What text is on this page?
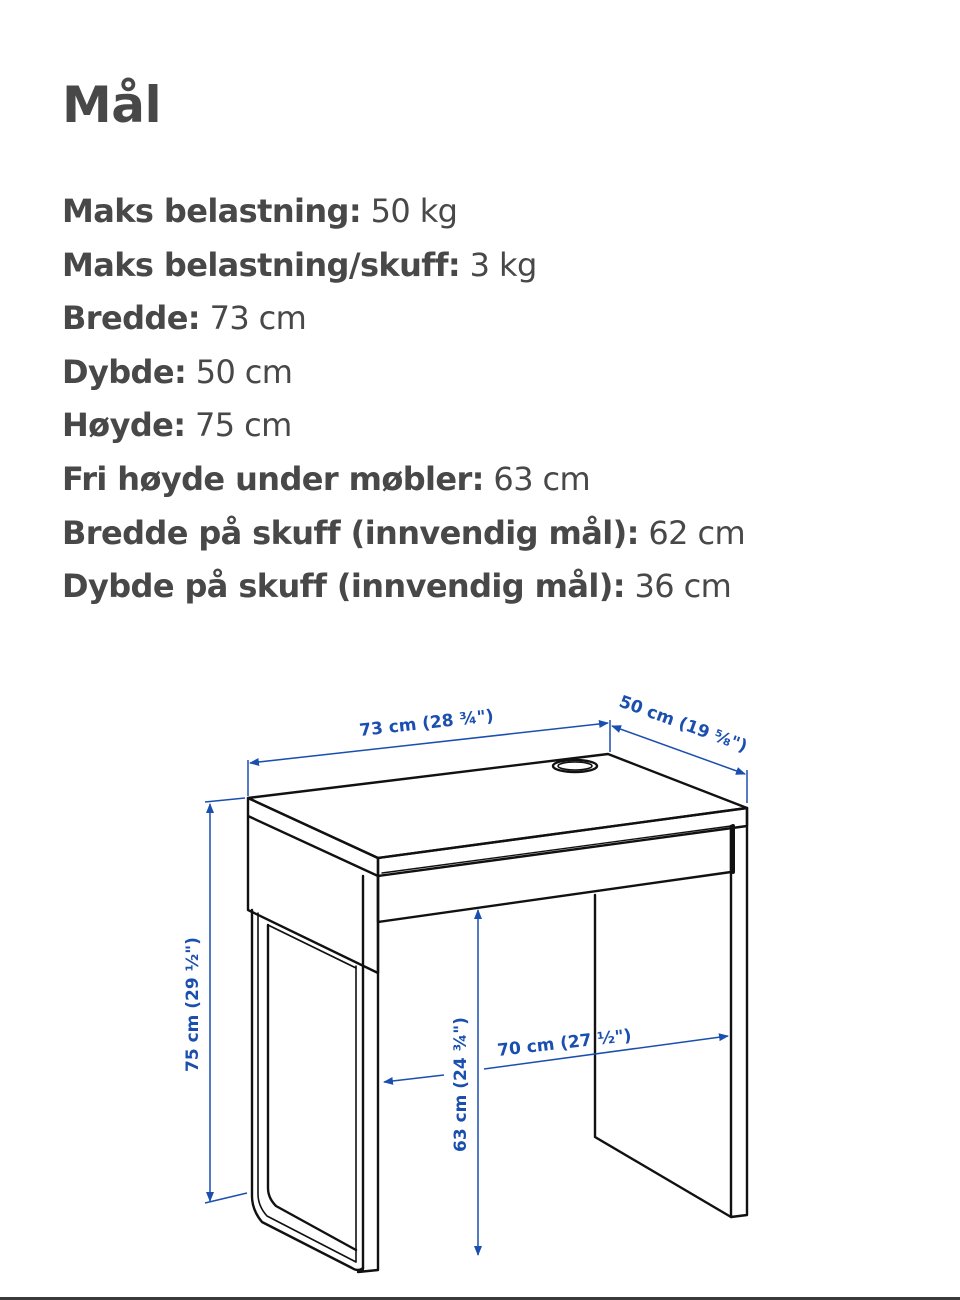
Mål
Maks belastning: 50 kg
Maks belastning/skuff: 3 kg
Bredde: 73 cm
Dybde: 50 cm
Høyde: 75 cm
Fri høyde under møbler: 63 cm
Bredde på skuff (innvendig mål): 62 cm
Dybde på skuff (innvendig mål): 36 cm
73 cm (28 ¾")	50 cm (19 ⅝")
75 cm (29 ½")
63 cm (24 ¾") 70 cm (27 ½")
